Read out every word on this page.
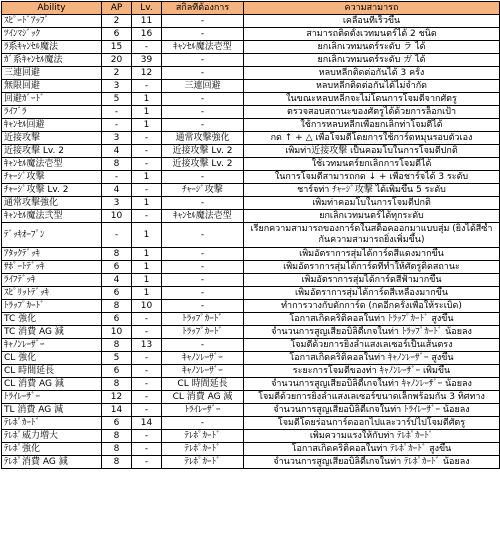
Ability	AP	Lv.	สกิลที่ต้องการ	ความสามารถ
ｽﾋﾟｰﾄﾞｱｯﾌﾟ	2	11	-	เคลื่อนที่เร็วขึ้น
ﾂｲﾝﾏｼﾞｯｸ	6	16	-	สามารถติดตั้งเวทมนตร์ได้ 2 ชนิด
ﾗ系ｷｬﾝｾﾙ魔法	15	-	ｷｬﾝｾﾙ魔法壱型	ยกเลิกเวทมนตร์ระดับ ラ ได้
ｶﾞ系ｷｬﾝｾﾙ魔法	20	39	-	ยกเลิกเวทมนตร์ระดับ ガ ได้
三連回避	2	12	-	หลบหลีกติดต่อกันได้ 3 ครั้ง
無限回避	3	-	三連回避	หลบหลีกติดต่อกันได้ไม่จำกัด
回避ｶﾞｰﾄﾞ	5	1	-	ในขณะหลบหลีกจะไม่โดนการโจมตีจากศัตรู
ﾗｲﾌﾞﾗ	-	1	-	ตรวจสอบสถานะของศัตรูได้ด้วยการล็อกเป้า
ｷｬﾝｾﾙ回避	-	1	-	ใช้การหลบหลีกเพื่อยกเลิกท่าโจมตีได้
近接攻撃	3	-	通常攻撃強化	กด ↑ + △ เพื่อโจมตีโดยการใช้การ์ดหมุนรอบตัวเอง
近接攻撃 Lv. 2	4	-	近接攻撃 Lv. 2	เพิ่มท่า近接攻撃 เป็นคอมโบในการโจมตีปกติ
ｷｬﾝｾﾙ魔法壱型	8	-	近接攻撃 Lv. 2	ใช้เวทมนตร์ยกเลิกการโจมตีได้
ﾁｬｰｼﾞ攻撃	-	1	-	ในการโจมตีสามารถกด ↓ + เพื่อชาร์จได้ 3 ระดับ
ﾁｬｰｼﾞ攻撃 Lv. 2	4	-	ﾁｬｰｼﾞ攻撃	ชาร์จท่า ﾁｬｰｼﾞ攻撃 ได้เพิ่มขึ้น 5 ระดับ
通常攻撃強化	3	1	-	เพิ่มท่าคอมโบในการโจมตีปกติ
ｷｬﾝｾﾙ魔法弐型	10	-	ｷｬﾝｾﾙ魔法壱型	ยกเลิกเวทมนตร์ได้ทุกระดับ
ﾃﾞｯｷｵｰﾌﾟﾝ	-	1	-	เรียกความสามารถของการ์ดในสต็อคออกมาแบบสุ่ม (ยิ่งได้สีซ้ำกันความสามารถยิ่งเพิ่มขึ้น)
ｱﾀｯｸﾃﾞｯｷ	8	1	-	เพิ่มอัตราการสุ่มได้การ์ดสีแดงมากขึ้น
ｻﾎﾟｰﾄﾃﾞｯｷ	6	1	-	เพิ่มอัตราการสุ่มได้การ์ดที่ทำให้ศัตรูติดสถานะ
ﾗｲﾌﾃﾞｯｷ	4	1	-	เพิ่มอัตราการสุ่มได้การ์ดสีฟ้ามากขึ้น
ｽﾋﾟﾘｯﾄﾃﾞｯｷ	6	1	-	เพิ่มอัตราการสุ่มได้การ์ดสีเหลืองมากขึ้น
ﾄﾗｯﾌﾟｶｰﾄﾞ	8	10	-	ทำการวางกับดักการ์ด (กดอีกครั้งเพื่อให้ระเบิด)
TC 強化	6	-	ﾄﾗｯﾌﾟｶｰﾄﾞ	โอกาสเกิดคริติคอลในท่า ﾄﾗｯﾌﾟｶｰﾄﾞ สูงขึ้น
TC 消費 AG 減	10	-	ﾄﾗｯﾌﾟｶｰﾄﾞ	จำนวนการสูญเสียอบิลิตี้เกจในท่า ﾄﾗｯﾌﾟｶｰﾄﾞ น้อยลง
ｷｬﾉﾝﾚｰｻﾞｰ	8	13	-	โจมตีด้วยการยิงลำแสงเลเซอร์เป็นเส้นตรง
CL 強化	5	-	ｷｬﾉﾝﾚｰｻﾞｰ	โอกาสเกิดคริติคอลในท่า ｷｬﾉﾝﾚｰｻﾞｰ สูงขึ้น
CL 時間延長	6	-	ｷｬﾉﾝﾚｰｻﾞｰ	ระยะการโจมตีของท่า ｷｬﾉﾝﾚｰｻﾞｰ เพิ่มขึ้น
CL 消費 AG 減	8	-	CL 時間延長	จำนวนการสูญเสียอบิลิตี้เกจในท่า ｷｬﾉﾝﾚｰｻﾞｰ น้อยลง
ﾄﾗｲﾚｰｻﾞｰ	12	-	CL 消費 AG 減	โจมตีด้วยการยิงลำแสงเลเซอร์ขนาดเล็กพร้อมกัน 3 ทิศทาง
TL 消費 AG 減	14	-	ﾄﾗｲﾚｰｻﾞｰ	จำนวนการสูญเสียอบิลิตี้เกจในท่า ﾄﾗｲﾚｰｻﾞｰ น้อยลง
ﾃﾚﾎﾟｶｰﾄﾞ	6	14	-	โจมตีโดยร่อนการ์ดออกไปและวาร์ปไปโจมตีศัตรู
ﾃﾚﾎﾟ威力増大	8	-	ﾃﾚﾎﾟｶｰﾄﾞ	เพิ่มความแรงให้กับท่า ﾃﾚﾎﾟｶｰﾄﾞ
ﾃﾚﾎﾟ強化	8	-	ﾃﾚﾎﾟｶｰﾄﾞ	โอกาสเกิดคริติคอลในท่า ﾃﾚﾎﾟｶｰﾄﾞ สูงขึ้น
ﾃﾚﾎﾟ消費 AG 減	8	-	ﾃﾚﾎﾟｶｰﾄﾞ	จำนวนการสูญเสียอบิลิตี้เกจในท่า ﾃﾚﾎﾟｶｰﾄﾞ น้อยลง
